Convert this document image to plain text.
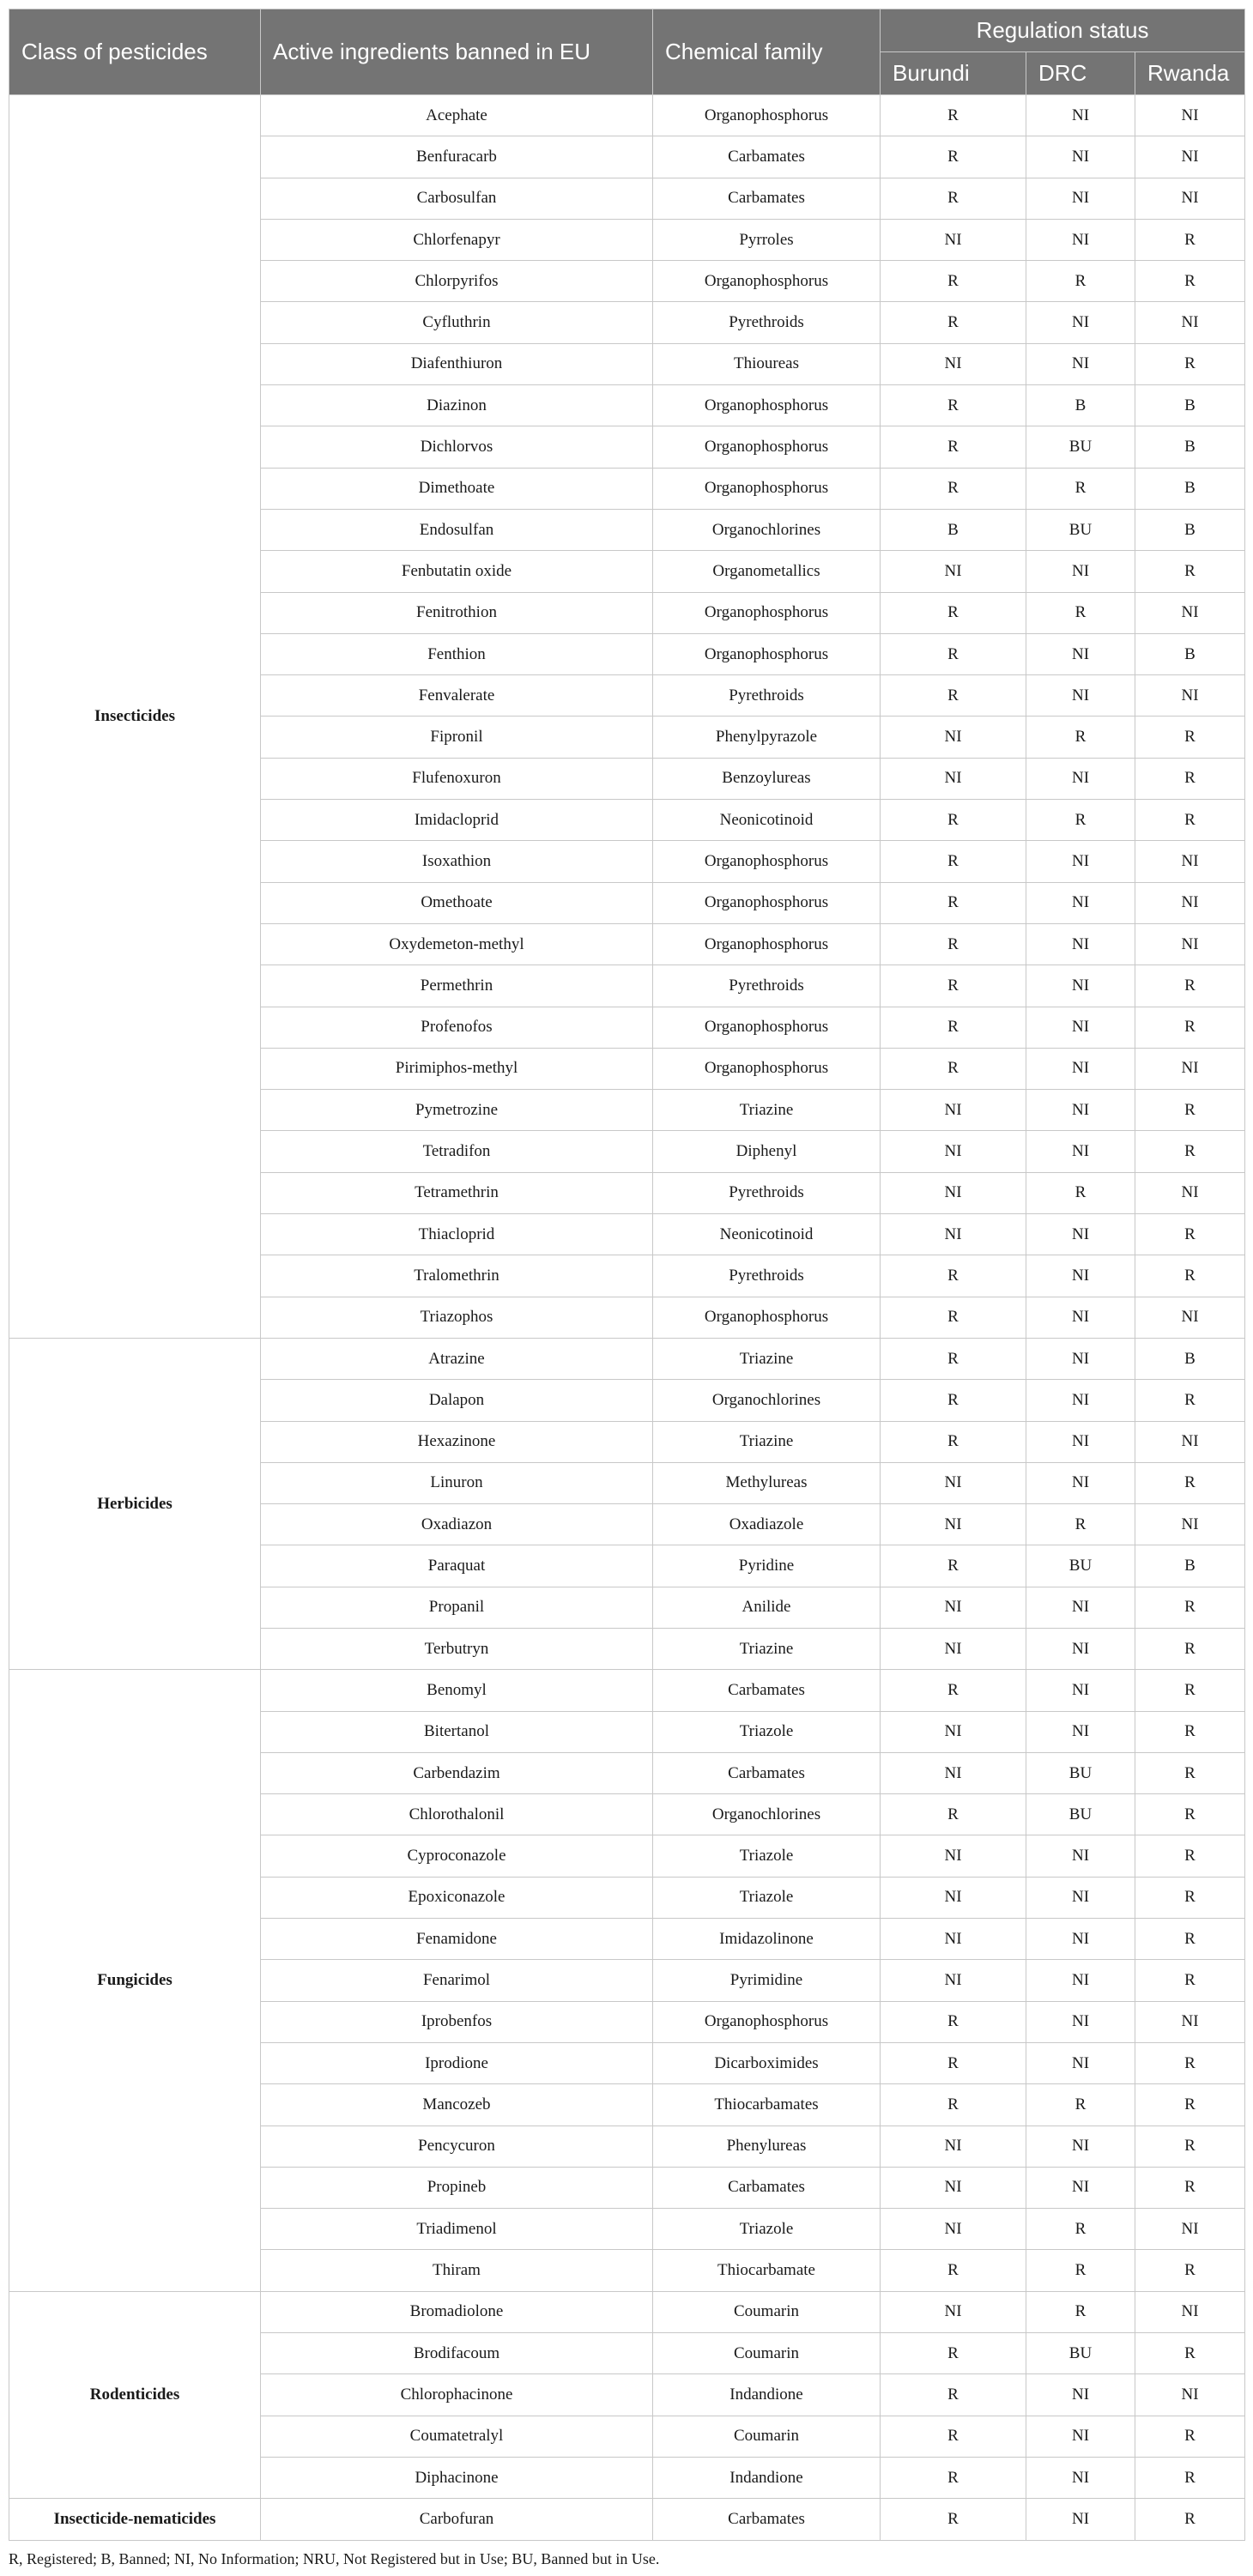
Class of pesticides	Active ingredients banned in EU	Chemical family	Regulation status		
			Burundi	DRC	Rwanda
Insecticides	Acephate	Organophosphorus	R	NI	NI
	Benfuracarb	Carbamates	R	NI	NI
	Carbosulfan	Carbamates	R	NI	NI
	Chlorfenapyr	Pyrroles	NI	NI	R
	Chlorpyrifos	Organophosphorus	R	R	R
	Cyfluthrin	Pyrethroids	R	NI	NI
	Diafenthiuron	Thioureas	NI	NI	R
	Diazinon	Organophosphorus	R	B	B
	Dichlorvos	Organophosphorus	R	BU	B
	Dimethoate	Organophosphorus	R	R	B
	Endosulfan	Organochlorines	B	BU	B
	Fenbutatin oxide	Organometallics	NI	NI	R
	Fenitrothion	Organophosphorus	R	R	NI
	Fenthion	Organophosphorus	R	NI	B
	Fenvalerate	Pyrethroids	R	NI	NI
	Fipronil	Phenylpyrazole	NI	R	R
	Flufenoxuron	Benzoylureas	NI	NI	R
	Imidacloprid	Neonicotinoid	R	R	R
	Isoxathion	Organophosphorus	R	NI	NI
	Omethoate	Organophosphorus	R	NI	NI
	Oxydemeton-methyl	Organophosphorus	R	NI	NI
	Permethrin	Pyrethroids	R	NI	R
	Profenofos	Organophosphorus	R	NI	R
	Pirimiphos-methyl	Organophosphorus	R	NI	NI
	Pymetrozine	Triazine	NI	NI	R
	Tetradifon	Diphenyl	NI	NI	R
	Tetramethrin	Pyrethroids	NI	R	NI
	Thiacloprid	Neonicotinoid	NI	NI	R
	Tralomethrin	Pyrethroids	R	NI	R
	Triazophos	Organophosphorus	R	NI	NI
Herbicides	Atrazine	Triazine	R	NI	B
	Dalapon	Organochlorines	R	NI	R
	Hexazinone	Triazine	R	NI	NI
	Linuron	Methylureas	NI	NI	R
	Oxadiazon	Oxadiazole	NI	R	NI
	Paraquat	Pyridine	R	BU	B
	Propanil	Anilide	NI	NI	R
	Terbutryn	Triazine	NI	NI	R
Fungicides	Benomyl	Carbamates	R	NI	R
	Bitertanol	Triazole	NI	NI	R
	Carbendazim	Carbamates	NI	BU	R
	Chlorothalonil	Organochlorines	R	BU	R
	Cyproconazole	Triazole	NI	NI	R
	Epoxiconazole	Triazole	NI	NI	R
	Fenamidone	Imidazolinone	NI	NI	R
	Fenarimol	Pyrimidine	NI	NI	R
	Iprobenfos	Organophosphorus	R	NI	NI
	Iprodione	Dicarboximides	R	NI	R
	Mancozeb	Thiocarbamates	R	R	R
	Pencycuron	Phenylureas	NI	NI	R
	Propineb	Carbamates	NI	NI	R
	Triadimenol	Triazole	NI	R	NI
	Thiram	Thiocarbamate	R	R	R
Rodenticides	Bromadiolone	Coumarin	NI	R	NI
	Brodifacoum	Coumarin	R	BU	R
	Chlorophacinone	Indandione	R	NI	NI
	Coumatetralyl	Coumarin	R	NI	R
	Diphacinone	Indandione	R	NI	R
Insecticide-nematicides	Carbofuran	Carbamates	R	NI	R
R, Registered; B, Banned; NI, No Information; NRU, Not Registered but in Use; BU, Banned but in Use.
